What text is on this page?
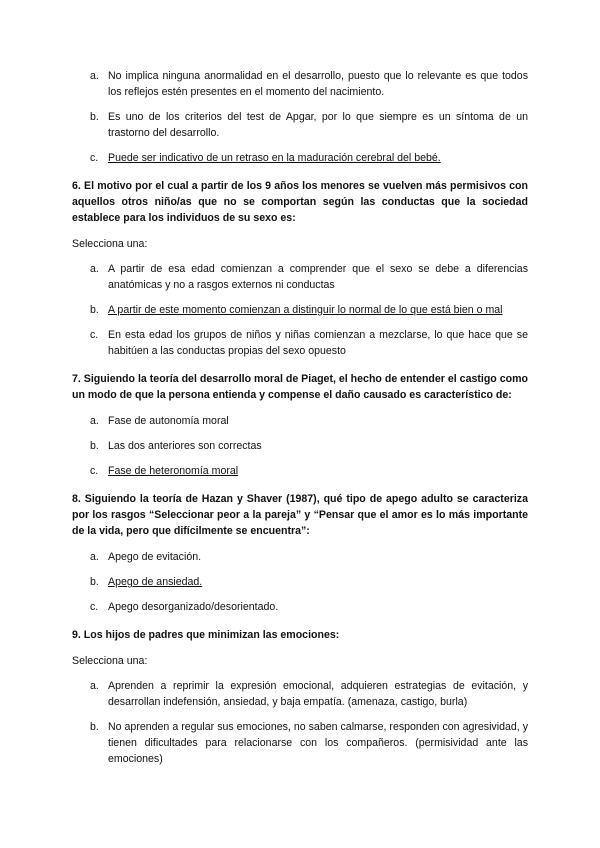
a. No implica ninguna anormalidad en el desarrollo, puesto que lo relevante es que todos los reflejos estén presentes en el momento del nacimiento.
b. Es uno de los criterios del test de Apgar, por lo que siempre es un síntoma de un trastorno del desarrollo.
c. Puede ser indicativo de un retraso en la maduración cerebral del bebé.
6. El motivo por el cual a partir de los 9 años los menores se vuelven más permisivos con aquellos otros niño/as que no se comportan según las conductas que la sociedad establece para los individuos de su sexo es:
Selecciona una:
a. A partir de esa edad comienzan a comprender que el sexo se debe a diferencias anatómicas y no a rasgos externos ni conductas
b. A partir de este momento comienzan a distinguir lo normal de lo que está bien o mal
c. En esta edad los grupos de niños y niñas comienzan a mezclarse, lo que hace que se habitúen a las conductas propias del sexo opuesto
7. Siguiendo la teoría del desarrollo moral de Piaget, el hecho de entender el castigo como un modo de que la persona entienda y compense el daño causado es característico de:
a. Fase de autonomía moral
b. Las dos anteriores son correctas
c. Fase de heteronomía moral
8. Siguiendo la teoría de Hazan y Shaver (1987), qué tipo de apego adulto se caracteriza por los rasgos “Seleccionar peor a la pareja” y “Pensar que el amor es lo más importante de la vida, pero que difícilmente se encuentra”:
a. Apego de evitación.
b. Apego de ansiedad.
c. Apego desorganizado/desorientado.
9. Los hijos de padres que minimizan las emociones:
Selecciona una:
a. Aprenden a reprimir la expresión emocional, adquieren estrategias de evitación, y desarrollan indefensión, ansiedad, y baja empatía. (amenaza, castigo, burla)
b. No aprenden a regular sus emociones, no saben calmarse, responden con agresividad, y tienen dificultades para relacionarse con los compañeros. (permisividad ante las emociones)
